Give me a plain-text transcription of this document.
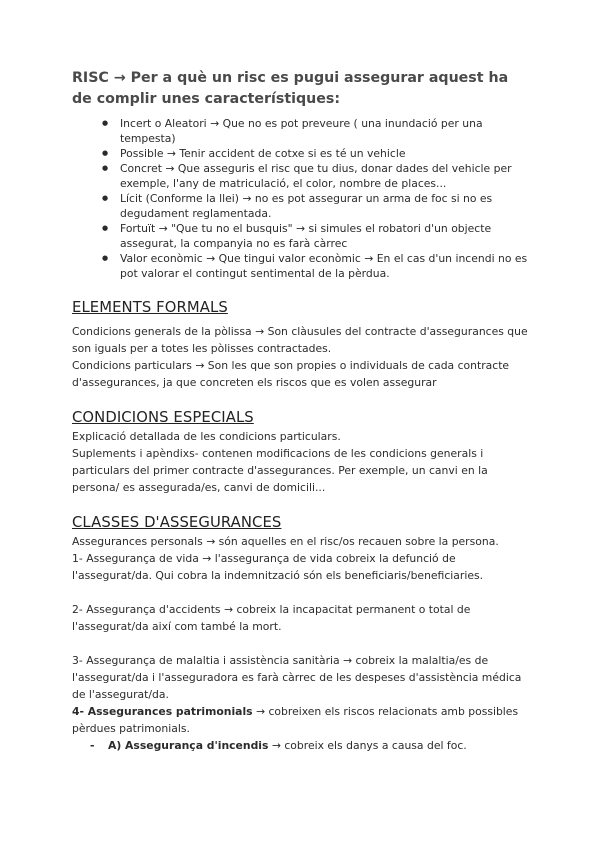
RISC → Per a què un risc es pugui assegurar aquest ha de complir unes característiques:

● Incert o Aleatori → Que no es pot preveure ( una inundació per una tempesta)
● Possible → Tenir accident de cotxe si es té un vehicle
● Concret → Que asseguris el risc que tu dius, donar dades del vehicle per exemple, l'any de matriculació, el color, nombre de places...
● Lícit (Conforme la llei) → no es pot assegurar un arma de foc si no es degudament reglamentada.
● Fortuït → "Que tu no el busquis" → si simules el robatori d'un objecte assegurat, la companyia no es farà càrrec
● Valor econòmic → Que tingui valor econòmic → En el cas d'un incendi no es pot valorar el contingut sentimental de la pèrdua.
ELEMENTS FORMALS

Condicions generals de la pòlissa → Son clàusules del contracte d'assegurances que son iguals per a totes les pòlisses contractades.

Condicions particulars → Son les que son propies o individuals de cada contracte d'assegurances, ja que concreten els riscos que es volen assegurar

CONDICIONS ESPECIALS

Explicació detallada de les condicions particulars.

Suplements i apèndixs- contenen modificacions de les condicions generals i particulars del primer contracte d'assegurances. Per exemple, un canvi en la persona/ es assegurada/es, canvi de domicili...

CLASSES D'ASSEGURANCES

Assegurances personals → són aquelles en el risc/os recauen sobre la persona.

1- Assegurança de vida → l'assegurança de vida cobreix la defunció de l'assegurat/da. Qui cobra la indemnització són els beneficiaris/beneficiaries.

2- Assegurança d'accidents → cobreix la incapacitat permanent o total de l'assegurat/da així com també la mort.

3- Assegurança de malaltia i assistència sanitària → cobreix la malaltia/es de l'assegurat/da i l'asseguradora es farà càrrec de les despeses d'assistència médica de l'assegurat/da.

4- Assegurances patrimonials → cobreixen els riscos relacionats amb possibles pèrdues patrimonials.

- A) Assegurança d'incendis → cobreix els danys a causa del foc.
